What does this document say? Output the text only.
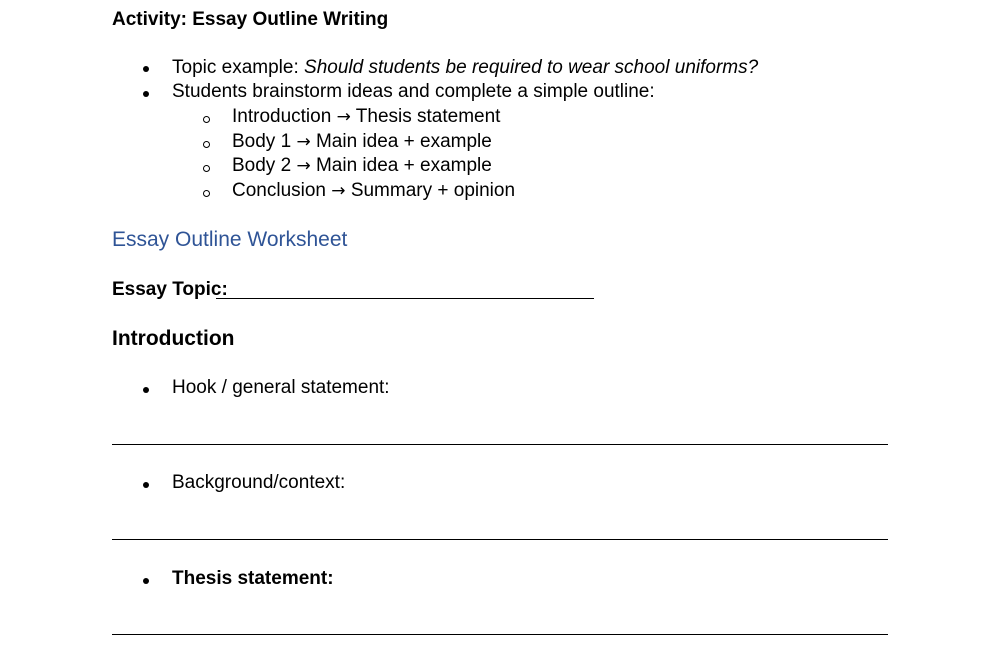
Activity: Essay Outline Writing
Topic example: Should students be required to wear school uniforms?
Students brainstorm ideas and complete a simple outline:
Introduction → Thesis statement
Body 1 → Main idea + example
Body 2 → Main idea + example
Conclusion → Summary + opinion
Essay Outline Worksheet
Essay Topic:
Introduction
Hook / general statement:
Background/context:
Thesis statement:
